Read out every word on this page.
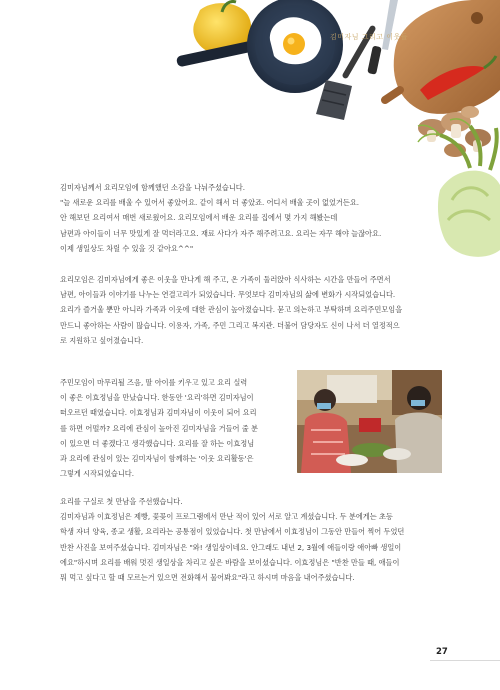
김미자님 그리고 이웃들
김미자님께서 요리모임에 함께했던 소감을 나눠주셨습니다.
"늘 새로운 요리를 배울 수 있어서 좋았어요. 같이 해서 더 좋았죠. 어디서 배울 곳이 없었거든요.
안 해보던 요리여서 매번 새로웠어요. 요리모임에서 배운 요리를 집에서 몇 가지 해봤는데
남편과 아이들이 너무 맛있게 잘 먹더라고요. 재료 사다가 자주 해주려고요. 요리는 자꾸 해야 늘잖아요.
이제 생일상도 차릴 수 있을 것 같아요^^"
요리모임은 김미자님에게 좋은 이웃을 만나게 해 주고, 온 가족이 둘러앉아 식사하는 시간을 만들어 주면서
남편, 아이들과 이야기를 나누는 연결고리가 되었습니다. 무엇보다 김미자님의 삶에 변화가 시작되었습니다.
요리가 즐거울 뿐만 아니라 가족과 이웃에 대한 관심이 높아졌습니다. 묻고 의논하고 부탁하며 요리주민모임을
만드니 좋아하는 사람이 많습니다. 이용자, 가족, 주민 그리고 복지관. 더불어 담당자도 신이 나서 더 열정적으
로 지원하고 싶어졌습니다.
주민모임이 마무리될 즈음, 딸 아이를 키우고 있고 요리 실력
이 좋은 이효정님을 만났습니다. 한동안 '요리'하면 김미자님이
떠오르던 때였습니다. 이효정님과 김미자님이 이웃이 되어 요리
를 하면 어떨까? 요리에 관심이 높아진 김미자님을 거들어 줄 분
이 있으면 더 좋겠다고 생각했습니다. 요리를 잘 하는 이효정님
과 요리에 관심이 있는 김미자님이 함께하는 '이웃 요리활동'은
그렇게 시작되었습니다.
요리를 구실로 첫 만남을 주선했습니다.
김미자님과 이효정님은 제빵, 꽃꽂이 프로그램에서 만난 적이 있어 서로 알고 계셨습니다. 두 분에게는 초등
학생 자녀 양육, 종교 생활, 요리라는 공통점이 있었습니다. 첫 만남에서 이효정님이 그동안 만들어 찍어 두었던
반찬 사진을 보여주셨습니다. 김미자님은 "와! 생일상이네요. 안그래도 내년 2, 3월에 애들이랑 애아빠 생일이
에요"하시며 요리를 배워 멋진 생일상을 차리고 싶은 바람을 보이셨습니다. 이효정님은 "반찬 만들 때, 애들이
뭐 먹고 싶다고 할 때 모르는거 있으면 전화해서 물어봐요"라고 하시며 마음을 내어주셨습니다.
27
